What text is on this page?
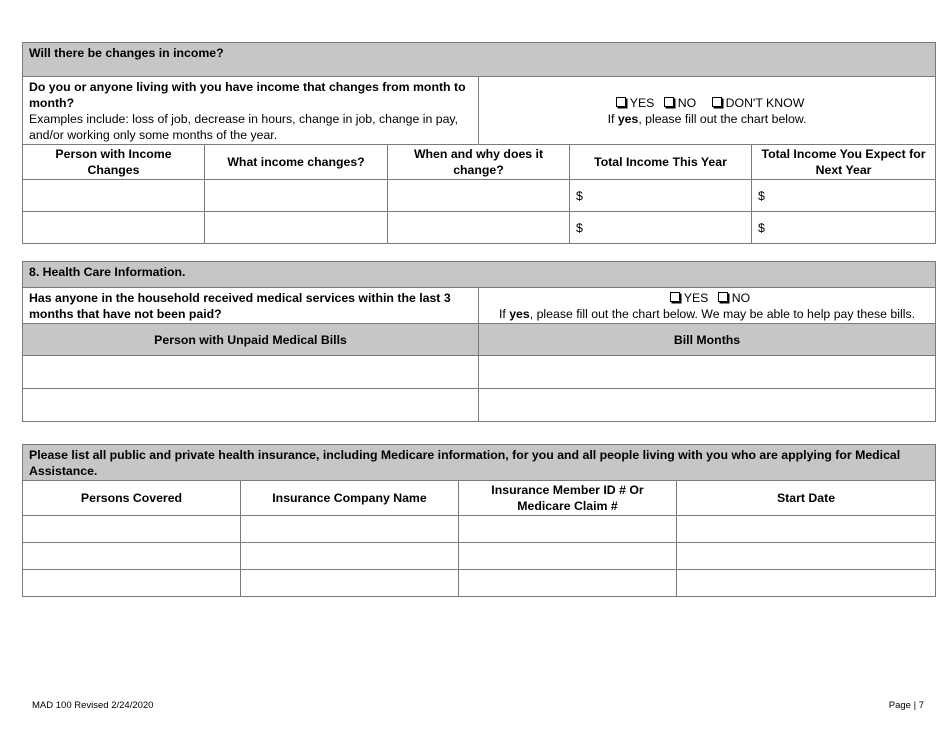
Will there be changes in income?					
Do you or anyone living with you have income that changes from month to month?
Examples include: loss of job, decrease in hours, change in job, change in pay, and/or working only some months of the year.			YES NO DON'T KNOW
If yes, please fill out the chart below.		
Person with Income Changes	What income changes?	When and why does it change?		Total Income This Year	Total Income You Expect for Next Year
				$	$
				$	$
8. Health Care Information.	
Has anyone in the household received medical services within the last 3 months that have not been paid?	YES NO
If yes, please fill out the chart below. We may be able to help pay these bills.
Person with Unpaid Medical Bills	Bill Months

Please list all public and private health insurance, including Medicare information, for you and all people living with you who are applying for Medical Assistance.			
Persons Covered	Insurance Company Name	Insurance Member ID # Or Medicare Claim #	Start Date

MAD 100 Revised 2/24/2020	Page | 7
